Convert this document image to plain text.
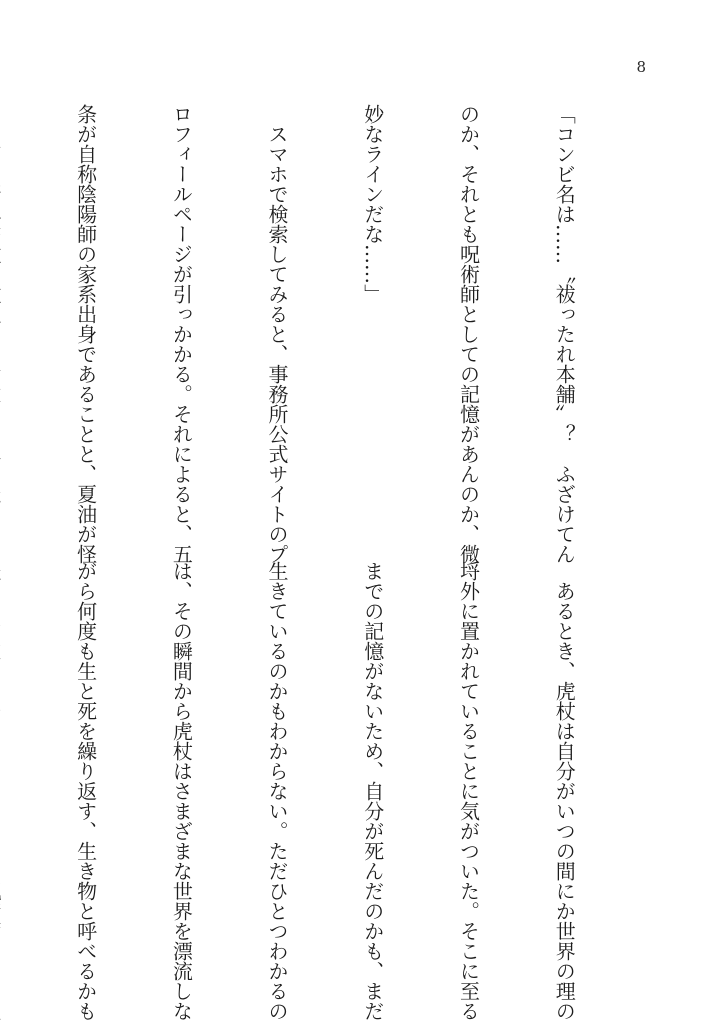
8

「コンビ名は……〝祓ったれ本舗〟？　ふざけてん

のか、それとも呪術師としての記憶があんのか、微

妙なラインだな……」

　スマホで検索してみると、事務所公式サイトのプ

ロフィールページが引っかかる。それによると、五

条が自称陰陽師の家系出身であることと、夏油が怪

　あるとき、虎杖は自分がいつの間にか世界の理の

埒外に置かれていることに気がついた。そこに至る

までの記憶がないため、自分が死んだのかも、まだ

生きているのかもわからない。ただひとつわかるの

は、その瞬間から虎杖はさまざまな世界を漂流しな

がら何度も生と死を繰り返す、生き物と呼べるかも
